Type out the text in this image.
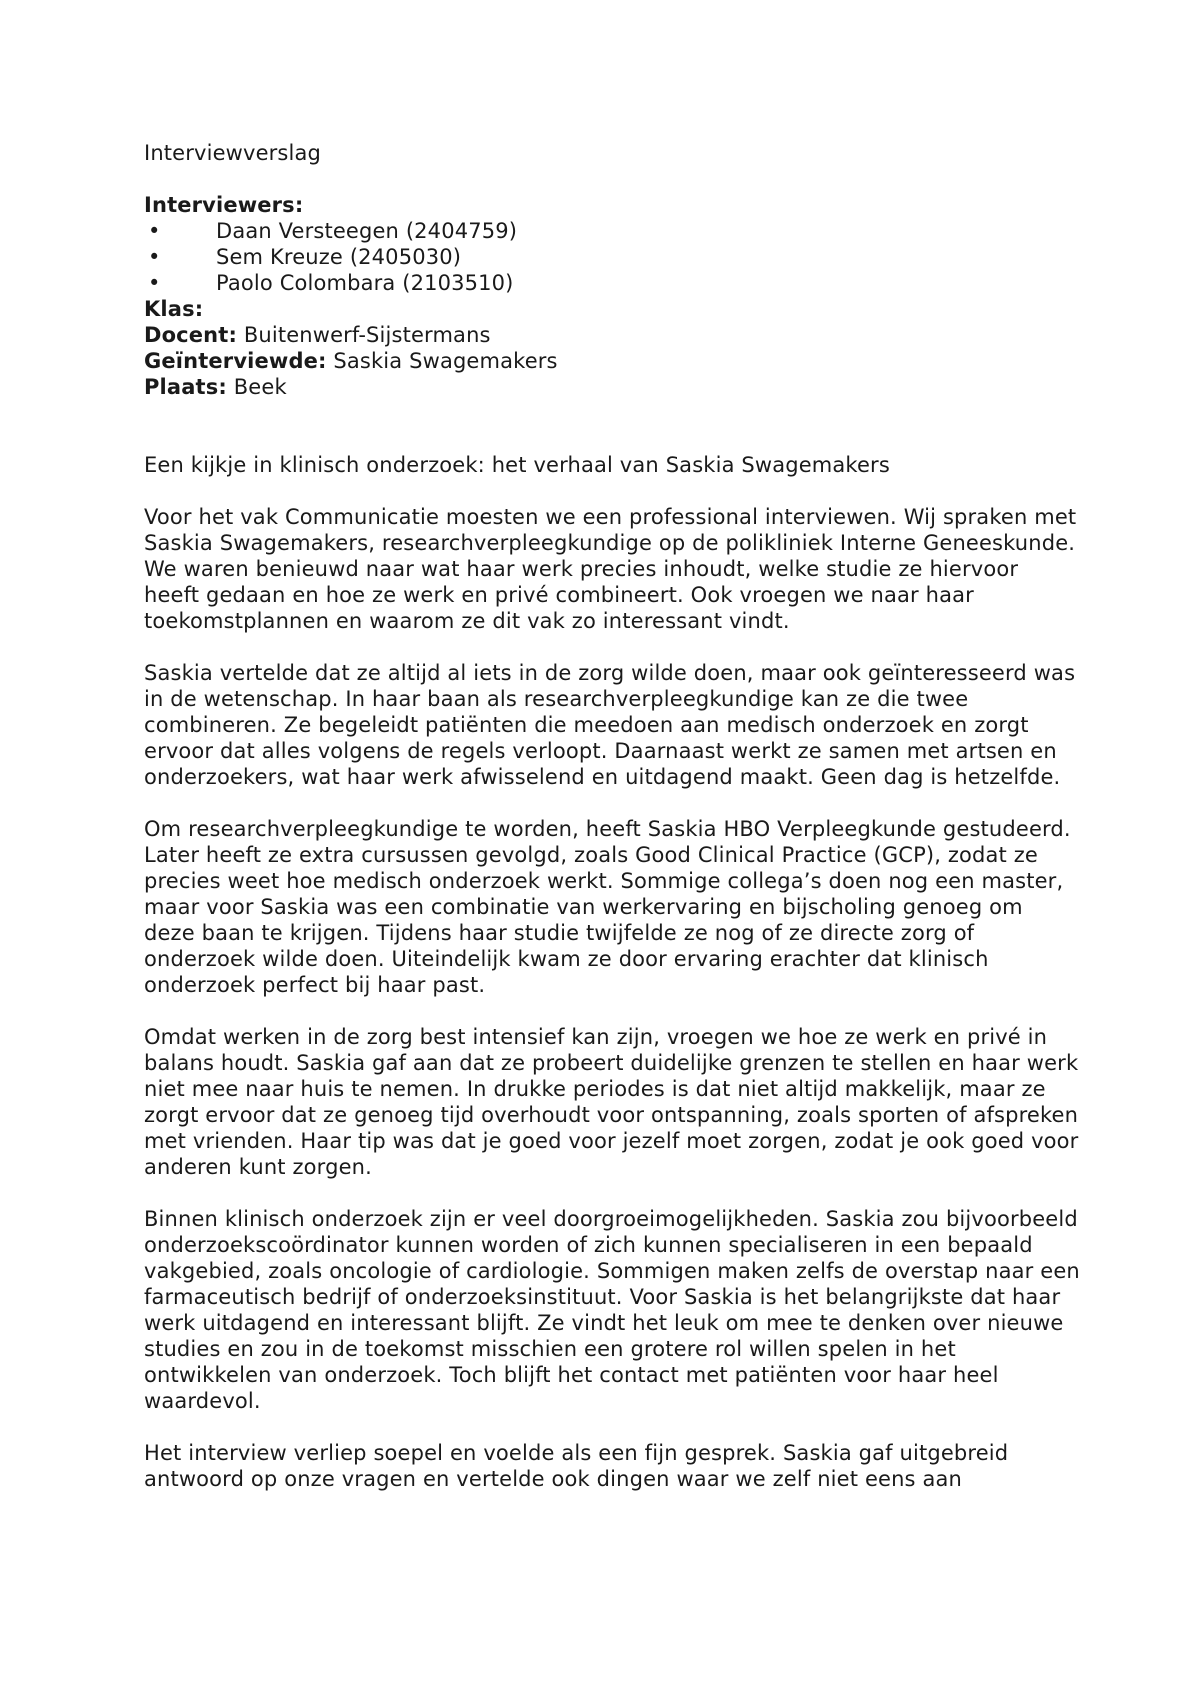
Interviewverslag

Interviewers:

•	Daan Versteegen (2404759)
•	Sem Kreuze (2405030)
•	Paolo Colombara (2103510)

Klas:

Docent: Buitenwerf-Sijstermans

Geïnterviewde: Saskia Swagemakers

Plaats: Beek

Een kijkje in klinisch onderzoek: het verhaal van Saskia Swagemakers

Voor het vak Communicatie moesten we een professional interviewen. Wij spraken met Saskia Swagemakers, researchverpleegkundige op de polikliniek Interne Geneeskunde. We waren benieuwd naar wat haar werk precies inhoudt, welke studie ze hiervoor heeft gedaan en hoe ze werk en privé combineert. Ook vroegen we naar haar toekomstplannen en waarom ze dit vak zo interessant vindt.

Saskia vertelde dat ze altijd al iets in de zorg wilde doen, maar ook geïnteresseerd was in de wetenschap. In haar baan als researchverpleegkundige kan ze die twee combineren. Ze begeleidt patiënten die meedoen aan medisch onderzoek en zorgt ervoor dat alles volgens de regels verloopt. Daarnaast werkt ze samen met artsen en onderzoekers, wat haar werk afwisselend en uitdagend maakt. Geen dag is hetzelfde.

Om researchverpleegkundige te worden, heeft Saskia HBO Verpleegkunde gestudeerd. Later heeft ze extra cursussen gevolgd, zoals Good Clinical Practice (GCP), zodat ze precies weet hoe medisch onderzoek werkt. Sommige collega’s doen nog een master, maar voor Saskia was een combinatie van werkervaring en bijscholing genoeg om deze baan te krijgen. Tijdens haar studie twijfelde ze nog of ze directe zorg of onderzoek wilde doen. Uiteindelijk kwam ze door ervaring erachter dat klinisch onderzoek perfect bij haar past.

Omdat werken in de zorg best intensief kan zijn, vroegen we hoe ze werk en privé in balans houdt. Saskia gaf aan dat ze probeert duidelijke grenzen te stellen en haar werk niet mee naar huis te nemen. In drukke periodes is dat niet altijd makkelijk, maar ze zorgt ervoor dat ze genoeg tijd overhoudt voor ontspanning, zoals sporten of afspreken met vrienden. Haar tip was dat je goed voor jezelf moet zorgen, zodat je ook goed voor anderen kunt zorgen.

Binnen klinisch onderzoek zijn er veel doorgroeimogelijkheden. Saskia zou bijvoorbeeld onderzoekscoördinator kunnen worden of zich kunnen specialiseren in een bepaald vakgebied, zoals oncologie of cardiologie. Sommigen maken zelfs de overstap naar een farmaceutisch bedrijf of onderzoeksinstituut. Voor Saskia is het belangrijkste dat haar werk uitdagend en interessant blijft. Ze vindt het leuk om mee te denken over nieuwe studies en zou in de toekomst misschien een grotere rol willen spelen in het ontwikkelen van onderzoek. Toch blijft het contact met patiënten voor haar heel waardevol.

Het interview verliep soepel en voelde als een fijn gesprek. Saskia gaf uitgebreid antwoord op onze vragen en vertelde ook dingen waar we zelf niet eens aan
